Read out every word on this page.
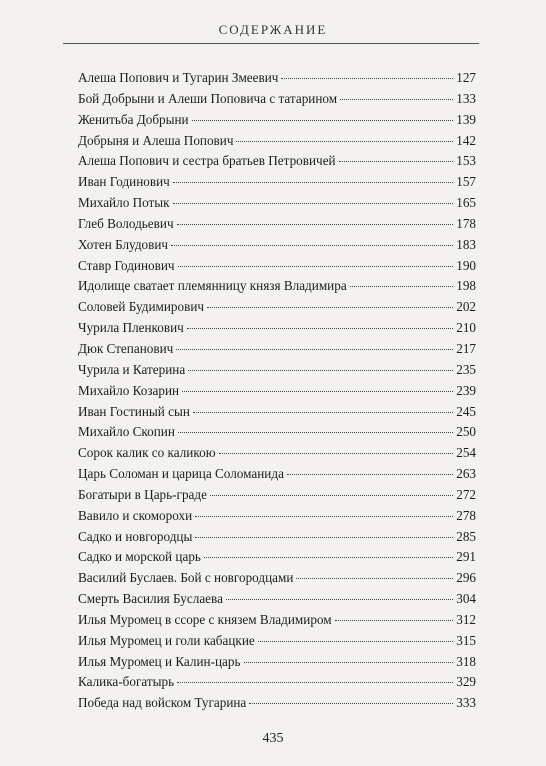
СОДЕРЖАНИЕ
Алеша Попович и Тугарин Змеевич	127
Бой Добрыни и Алеши Поповича с татарином	133
Женитьба Добрыни	139
Добрыня и Алеша Попович	142
Алеша Попович и сестра братьев Петровичей	153
Иван Годинович	157
Михайло Потык	165
Глеб Володьевич	178
Хотен Блудович	183
Ставр Годинович	190
Идолище сватает племянницу князя Владимира	198
Соловей Будимирович	202
Чурила Пленкович	210
Дюк Степанович	217
Чурила и Катерина	235
Михайло Козарин	239
Иван Гостиный сын	245
Михайло Скопин	250
Сорок калик со каликою	254
Царь Соломан и царица Соломанида	263
Богатыри в Царь-граде	272
Вавило и скоморохи	278
Садко и новгородцы	285
Садко и морской царь	291
Василий Буслаев. Бой с новгородцами	296
Смерть Василия Буслаева	304
Илья Муромец в ссоре с князем Владимиром	312
Илья Муромец и голи кабацкие	315
Илья Муромец и Калин-царь	318
Калика-богатырь	329
Победа над войском Тугарина	333
435
